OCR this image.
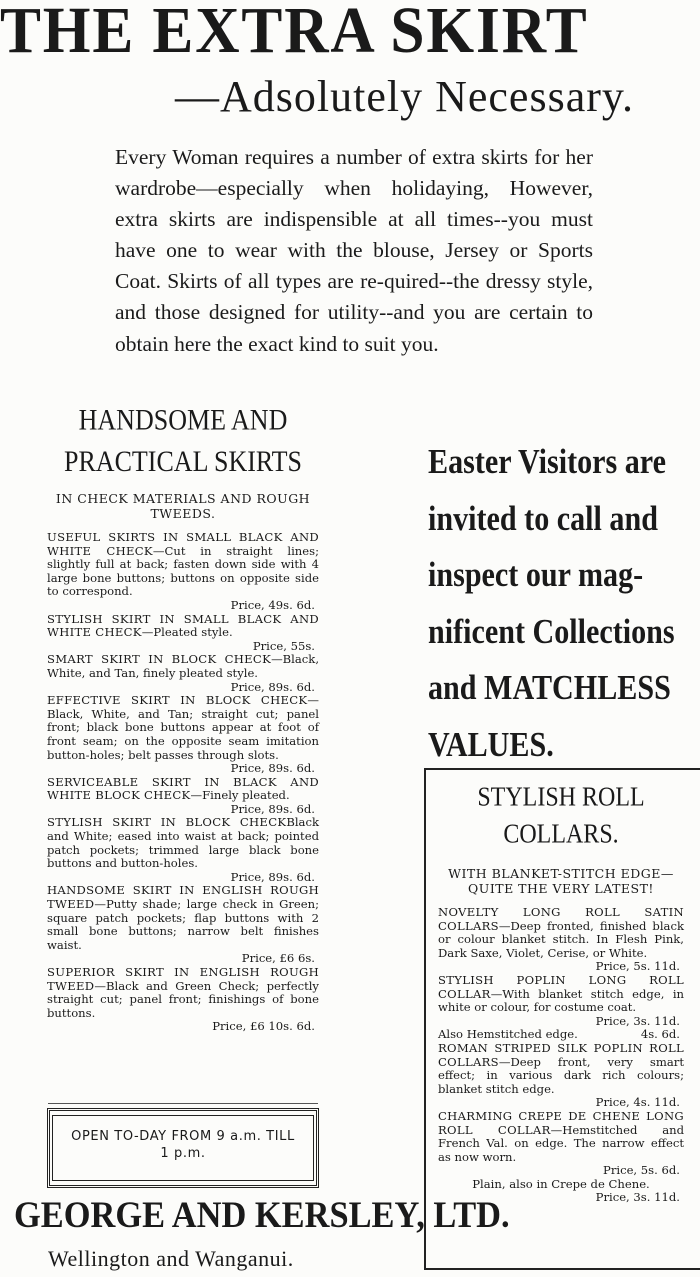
THE EXTRA SKIRT
—Adsolutely Necessary.

Every Woman requires a number of extra skirts for her wardrobe—especially when holidaying, However, extra skirts are indispensible at all times--you must have one to wear with the blouse, Jersey or Sports Coat. Skirts of all types are re-quired--the dressy style, and those designed for utility--and you are certain to obtain here the exact kind to suit you.

HANDSOME AND PRACTICAL SKIRTS
IN CHECK MATERIALS AND ROUGH TWEEDS.
USEFUL SKIRTS IN SMALL BLACK AND WHITE CHECK—Cut in straight lines; slightly full at back; fasten down side with 4 large bone buttons; buttons on opposite side to correspond.
Price, 49s. 6d.
STYLISH SKIRT IN SMALL BLACK AND WHITE CHECK—Pleated style.
Price, 55s.
SMART SKIRT IN BLOCK CHECK—Black, White, and Tan, finely pleated style.
Price, 89s. 6d.
EFFECTIVE SKIRT IN BLOCK CHECK—Black, White, and Tan; straight cut; panel front; black bone buttons appear at foot of front seam; on the opposite seam imitation button-holes; belt passes through slots.
Price, 89s. 6d.
SERVICEABLE SKIRT IN BLACK AND WHITE BLOCK CHECK—Finely pleated.
Price, 89s. 6d.
STYLISH SKIRT IN BLOCK CHECKBlack and White; eased into waist at back; pointed patch pockets; trimmed large black bone buttons and button-holes.
Price, 89s. 6d.
HANDSOME SKIRT IN ENGLISH ROUGH TWEED—Putty shade; large check in Green; square patch pockets; flap buttons with 2 small bone buttons; narrow belt finishes waist.
Price, £6 6s.
SUPERIOR SKIRT IN ENGLISH ROUGH TWEED—Black and Green Check; perfectly straight cut; panel front; finishings of bone buttons.
Price, £6 10s. 6d.
OPEN TO-DAY FROM 9 a.m. TILL
1 p.m.
GEORGE AND KERSLEY, LTD.
Wellington and Wanganui.
Easter Visitors are
invited to call and
inspect our mag-
nificent Collections
and MATCHLESS
VALUES.
STYLISH ROLL COLLARS.
WITH BLANKET-STITCH EDGE— QUITE THE VERY LATEST!
NOVELTY LONG ROLL SATIN COLLARS—Deep fronted, finished black or colour blanket stitch. In Flesh Pink, Dark Saxe, Violet, Cerise, or White.
Price, 5s. 11d.
STYLISH POPLIN LONG ROLL COLLAR—With blanket stitch edge, in white or colour, for costume coat.
Price, 3s. 11d.
Also Hemstitched edge.	4s. 6d.
ROMAN STRIPED SILK POPLIN ROLL COLLARS—Deep front, very smart effect; in various dark rich colours; blanket stitch edge.
Price, 4s. 11d.
CHARMING CREPE DE CHENE LONG ROLL COLLAR—Hemstitched and French Val. on edge. The narrow effect as now worn.
Price, 5s. 6d.
Plain, also in Crepe de Chene.
Price, 3s. 11d.
